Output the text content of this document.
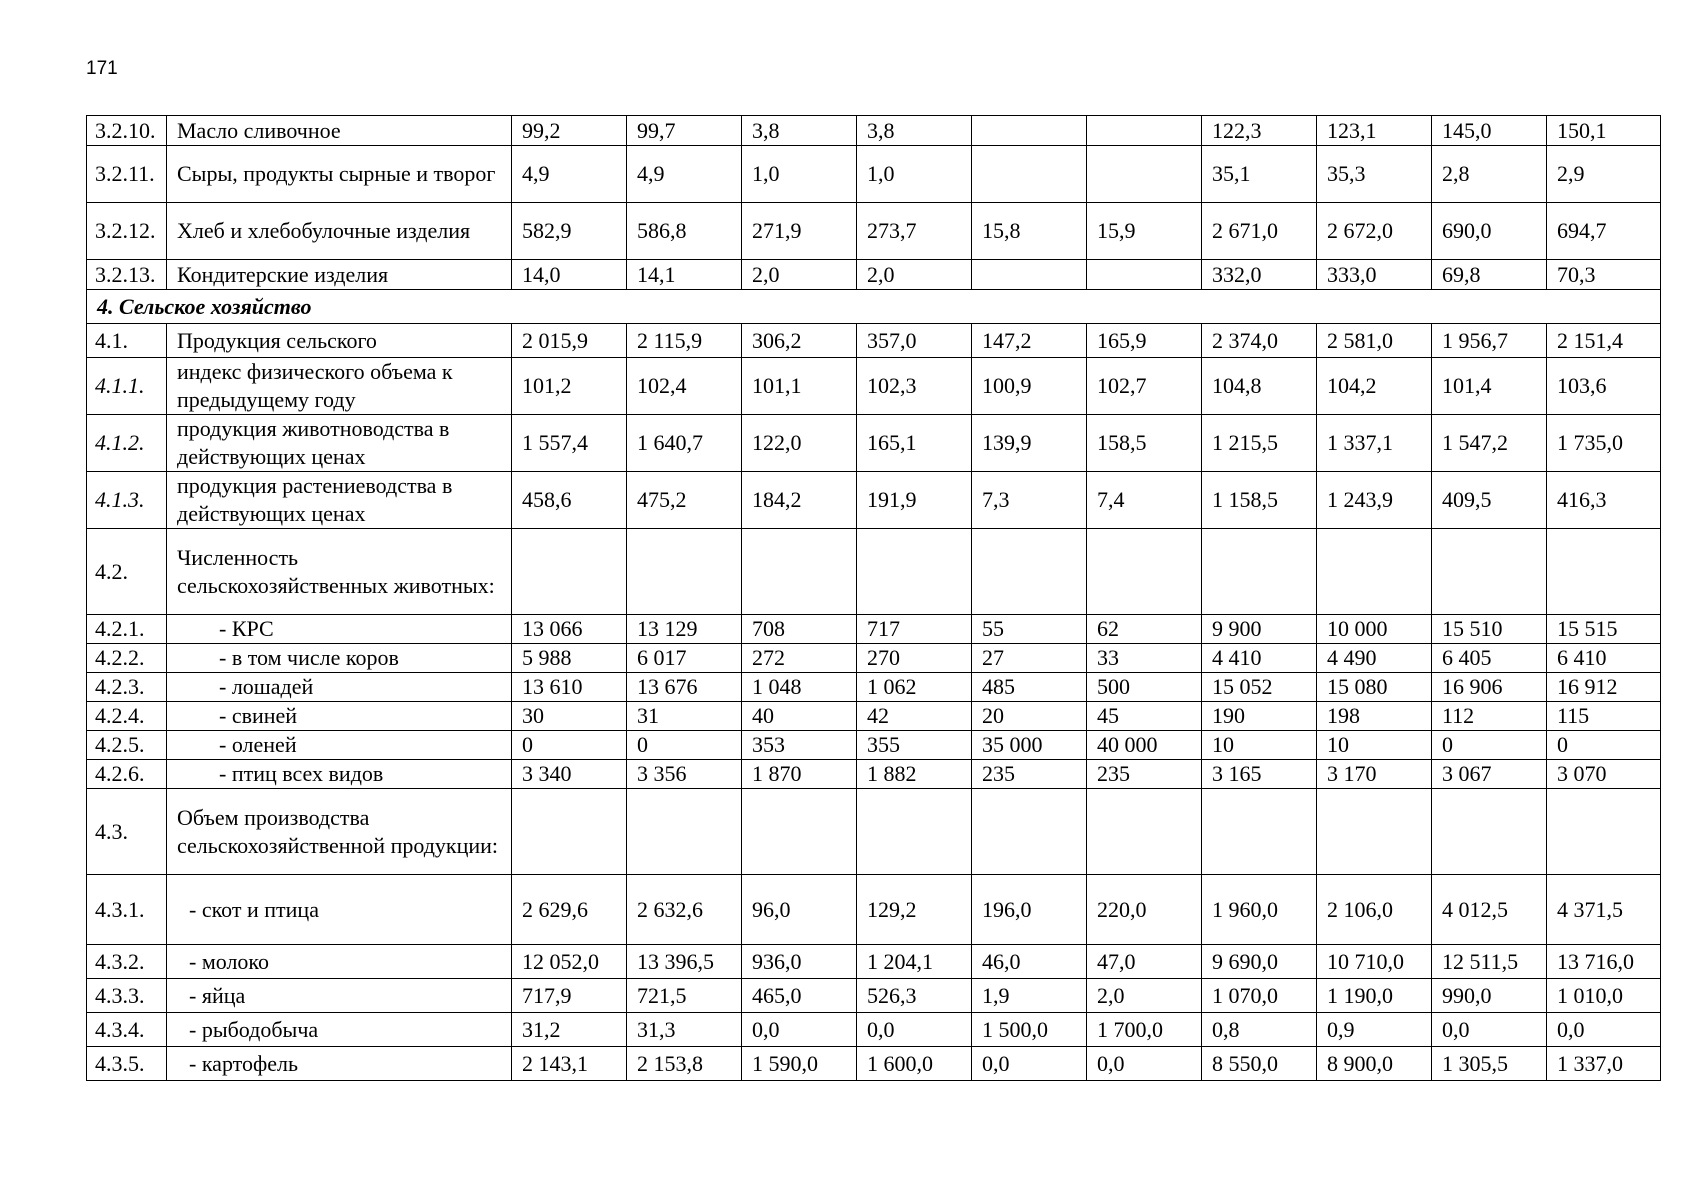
171
3.2.10.	Масло сливочное	99,2	99,7	3,8	3,8			122,3	123,1	145,0	150,1
3.2.11.	Сыры, продукты сырные и творог	4,9	4,9	1,0	1,0			35,1	35,3	2,8	2,9
3.2.12.	Хлеб и хлебобулочные изделия	582,9	586,8	271,9	273,7	15,8	15,9	2 671,0	2 672,0	690,0	694,7
3.2.13.	Кондитерские изделия	14,0	14,1	2,0	2,0			332,0	333,0	69,8	70,3
4. Сельское хозяйство											
4.1.	Продукция сельского	2 015,9	2 115,9	306,2	357,0	147,2	165,9	2 374,0	2 581,0	1 956,7	2 151,4
4.1.1.	индекс физического объема к предыдущему году	101,2	102,4	101,1	102,3	100,9	102,7	104,8	104,2	101,4	103,6
4.1.2.	продукция животноводства в действующих ценах	1 557,4	1 640,7	122,0	165,1	139,9	158,5	1 215,5	1 337,1	1 547,2	1 735,0
4.1.3.	продукция растениеводства в действующих ценах	458,6	475,2	184,2	191,9	7,3	7,4	1 158,5	1 243,9	409,5	416,3
4.2.	Численность сельскохозяйственных животных:										
4.2.1.	- КРС	13 066	13 129	708	717	55	62	9 900	10 000	15 510	15 515
4.2.2.	- в том числе коров	5 988	6 017	272	270	27	33	4 410	4 490	6 405	6 410
4.2.3.	- лошадей	13 610	13 676	1 048	1 062	485	500	15 052	15 080	16 906	16 912
4.2.4.	- свиней	30	31	40	42	20	45	190	198	112	115
4.2.5.	- оленей	0	0	353	355	35 000	40 000	10	10	0	0
4.2.6.	- птиц всех видов	3 340	3 356	1 870	1 882	235	235	3 165	3 170	3 067	3 070
4.3.	Объем производства сельскохозяйственной продукции:										
4.3.1.	- скот и птица	2 629,6	2 632,6	96,0	129,2	196,0	220,0	1 960,0	2 106,0	4 012,5	4 371,5
4.3.2.	- молоко	12 052,0	13 396,5	936,0	1 204,1	46,0	47,0	9 690,0	10 710,0	12 511,5	13 716,0
4.3.3.	- яйца	717,9	721,5	465,0	526,3	1,9	2,0	1 070,0	1 190,0	990,0	1 010,0
4.3.4.	- рыбодобыча	31,2	31,3	0,0	0,0	1 500,0	1 700,0	0,8	0,9	0,0	0,0
4.3.5.	- картофель	2 143,1	2 153,8	1 590,0	1 600,0	0,0	0,0	8 550,0	8 900,0	1 305,5	1 337,0
